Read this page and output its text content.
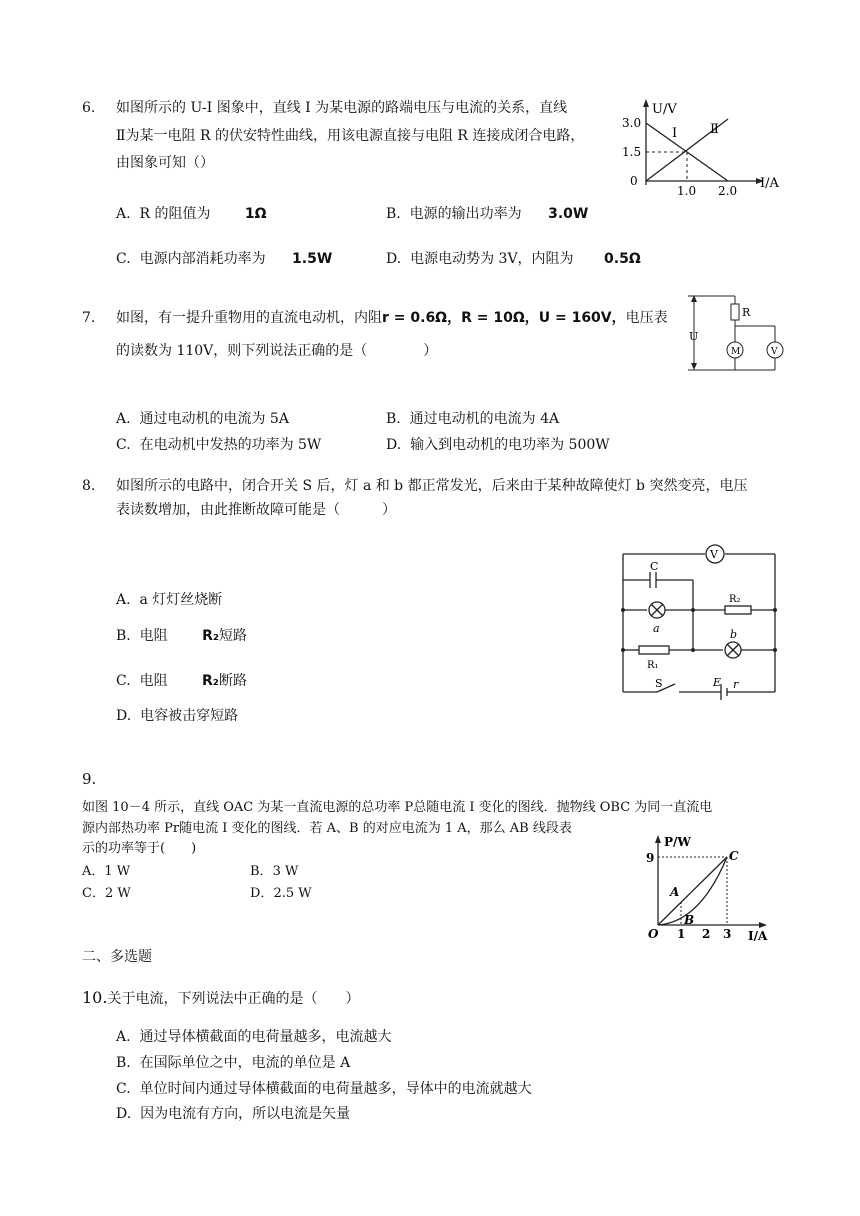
6. 如图所示的 U-I 图象中，直线 I 为某电源的路端电压与电流的关系，直线
Ⅱ为某一电阻 R 的伏安特性曲线，用该电源直接与电阻 R 连接成闭合电路，
由图象可知（）
U/V
I/A
3.0
1.5
0
1.0 2.0
I	Ⅱ
A. R 的阻值为 1Ω	B. 电源的输出功率为 3.0W
C. 电源内部消耗功率为 1.5W	D. 电源电动势为 3V，内阻为 0.5Ω
7. 如图，有一提升重物用的直流电动机，内阻r = 0.6Ω，R = 10Ω，U = 160V，电压表
的读数为 110V，则下列说法正确的是（　　　　）
U
R
M	V
A. 通过电动机的电流为 5A	B. 通过电动机的电流为 4A
C. 在电动机中发热的功率为 5W	D. 输入到电动机的电功率为 500W
8. 如图所示的电路中，闭合开关 S 后，灯 a 和 b 都正常发光，后来由于某种故障使灯 b 突然变亮，电压
表读数增加，由此推断故障可能是（　　　）
A. a 灯灯丝烧断
B. 电阻 R₂短路
C. 电阻 R₂断路
D. 电容被击穿短路
V
C
R₂
a	b
R₁
S	E r
9.
如图 10－4 所示，直线 OAC 为某一直流电源的总功率 P总随电流 I 变化的图线．抛物线 OBC 为同一直流电
源内部热功率 Pr随电流 I 变化的图线．若 A、B 的对应电流为 1 A，那么 AB 线段表
示的功率等于(　　)
A．1 W	B．3 W
C．2 W	D．2.5 W
P/W
I/A
9
O 1 2 3
A
B
C
二、多选题
10.关于电流，下列说法中正确的是（　　）
A. 通过导体横截面的电荷量越多，电流越大
B. 在国际单位之中，电流的单位是 A
C. 单位时间内通过导体横截面的电荷量越多，导体中的电流就越大
D. 因为电流有方向，所以电流是矢量
